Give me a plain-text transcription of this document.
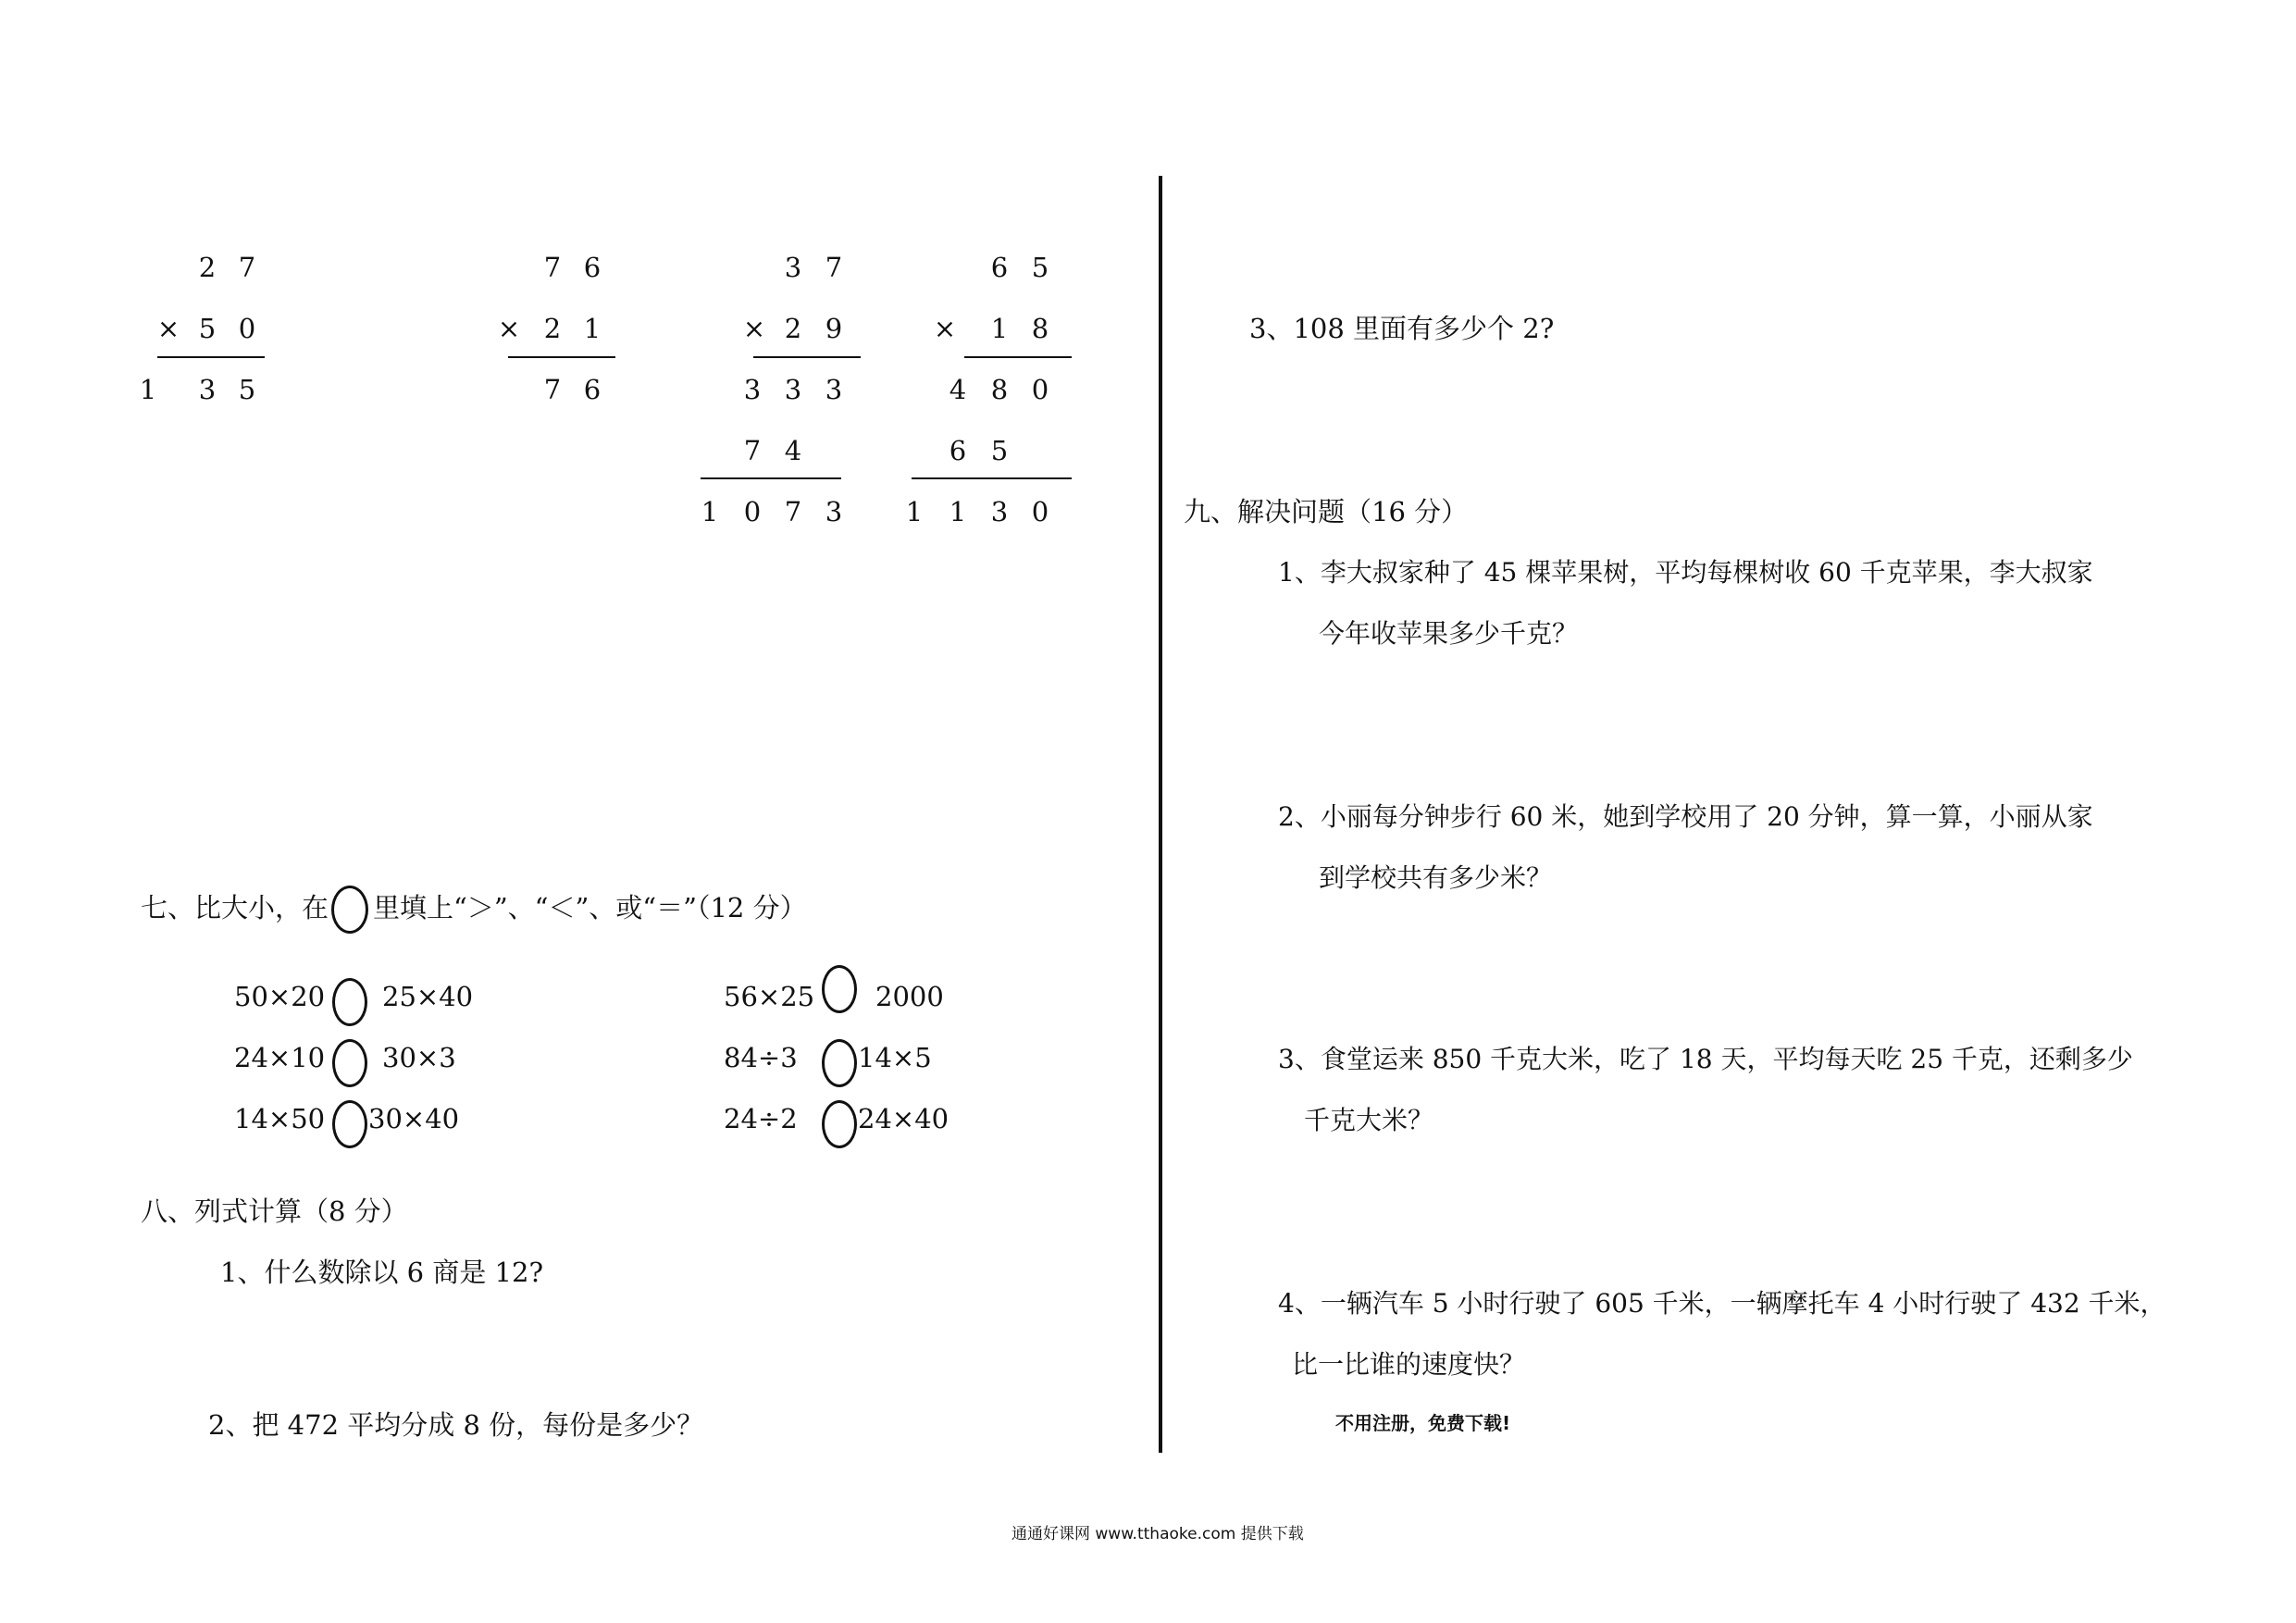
2 7
× 5 0
1 3 5
7 6
× 2 1
7 6
3 7
× 2 9
3 3 3
7 4
1 0 7 3
6 5
× 1 8
4 8 0
6 5
1 1 3 0
七、比大小，在 里填上“＞”、“＜”、或“＝”（12 分）
50×20 25×40
24×10 30×3
14×50 30×40
56×25 2000
84÷3 14×5
24÷2 24×40
八、列式计算（8 分）
1、什么数除以 6 商是 12?
2、把 472 平均分成 8 份，每份是多少？
3、108 里面有多少个 2?
九、解决问题（16 分）
1、李大叔家种了 45 棵苹果树，平均每棵树收 60 千克苹果，李大叔家
今年收苹果多少千克？
2、小丽每分钟步行 60 米，她到学校用了 20 分钟，算一算，小丽从家
到学校共有多少米？
3、食堂运来 850 千克大米，吃了 18 天，平均每天吃 25 千克，还剩多少
千克大米？
4、一辆汽车 5 小时行驶了 605 千米，一辆摩托车 4 小时行驶了 432 千米，
比一比谁的速度快？
不用注册，免费下载!
通通好课网 www.tthaoke.com 提供下载
